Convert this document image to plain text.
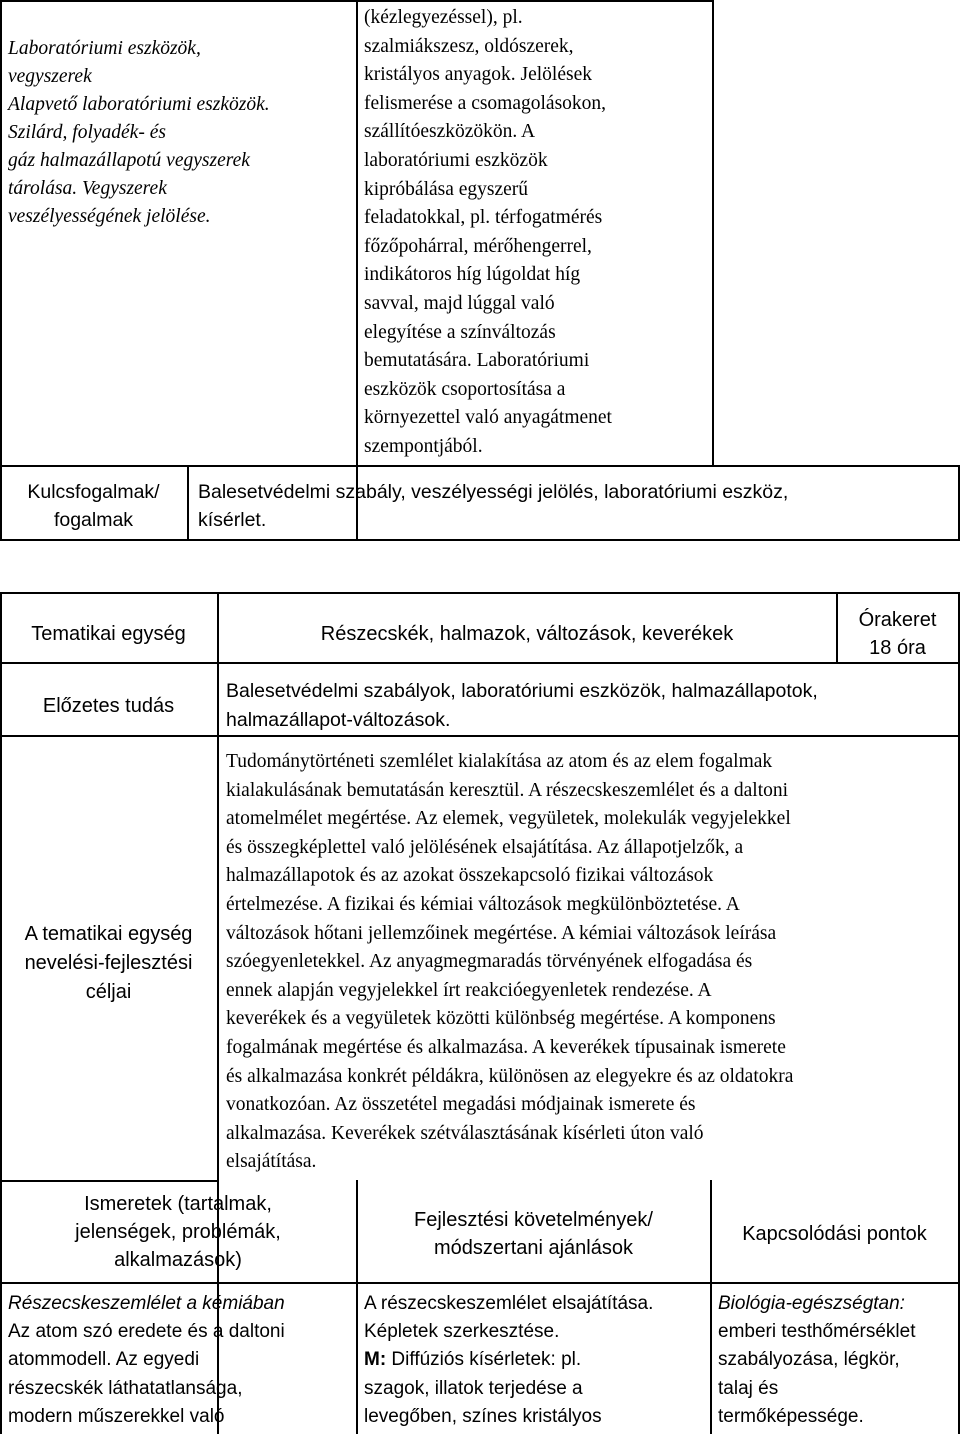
Laboratóriumi eszközök,
vegyszerek
Alapvető laboratóriumi eszközök.
Szilárd, folyadék- és
gáz halmazállapotú vegyszerek
tárolása. Vegyszerek
veszélyességének jelölése.
(kézlegyezéssel), pl.
szalmiákszesz, oldószerek,
kristályos anyagok. Jelölések
felismerése a csomagolásokon,
szállítóeszközökön. A
laboratóriumi eszközök
kipróbálása egyszerű
feladatokkal, pl. térfogatmérés
főzőpohárral, mérőhengerrel,
indikátoros híg lúgoldat híg
savval, majd lúggal való
elegyítése a színváltozás
bemutatására. Laboratóriumi
eszközök csoportosítása a
környezettel való anyagátmenet
szempontjából.
Kulcsfogalmak/
fogalmak
Balesetvédelmi szabály, veszélyességi jelölés, laboratóriumi eszköz,
kísérlet.
Tematikai egység	Részecskék, halmazok, változások, keverékek
Órakeret
18 óra
Előzetes tudás
Balesetvédelmi szabályok, laboratóriumi eszközök, halmazállapotok,
halmazállapot-változások.
A tematikai egység
nevelési-fejlesztési
céljai
Tudománytörténeti szemlélet kialakítása az atom és az elem fogalmak
kialakulásának bemutatásán keresztül. A részecskeszemlélet és a daltoni
atomelmélet megértése. Az elemek, vegyületek, molekulák vegyjelekkel
és összegképlettel való jelölésének elsajátítása. Az állapotjelzők, a
halmazállapotok és az azokat összekapcsoló fizikai változások
értelmezése. A fizikai és kémiai változások megkülönböztetése. A
változások hőtani jellemzőinek megértése. A kémiai változások leírása
szóegyenletekkel. Az anyagmegmaradás törvényének elfogadása és
ennek alapján vegyjelekkel írt reakcióegyenletek rendezése. A
keverékek és a vegyületek közötti különbség megértése. A komponens
fogalmának megértése és alkalmazása. A keverékek típusainak ismerete
és alkalmazása konkrét példákra, különösen az elegyekre és az oldatokra
vonatkozóan. Az összetétel megadási módjainak ismerete és
alkalmazása. Keverékek szétválasztásának kísérleti úton való
elsajátítása.
Ismeretek (tartalmak,
jelenségek, problémák,
alkalmazások)
Fejlesztési követelmények/
módszertani ajánlások
Kapcsolódási pontok
Részecskeszemlélet a kémiában
Az atom szó eredete és a daltoni
atommodell. Az egyedi
részecskék láthatatlansága,
modern műszerekkel való
A részecskeszemlélet elsajátítása.
Képletek szerkesztése.
M: Diffúziós kísérletek: pl.
szagok, illatok terjedése a
levegőben, színes kristályos
Biológia-egészségtan:
emberi testhőmérséklet
szabályozása, légkör,
talaj és
termőképessége.
